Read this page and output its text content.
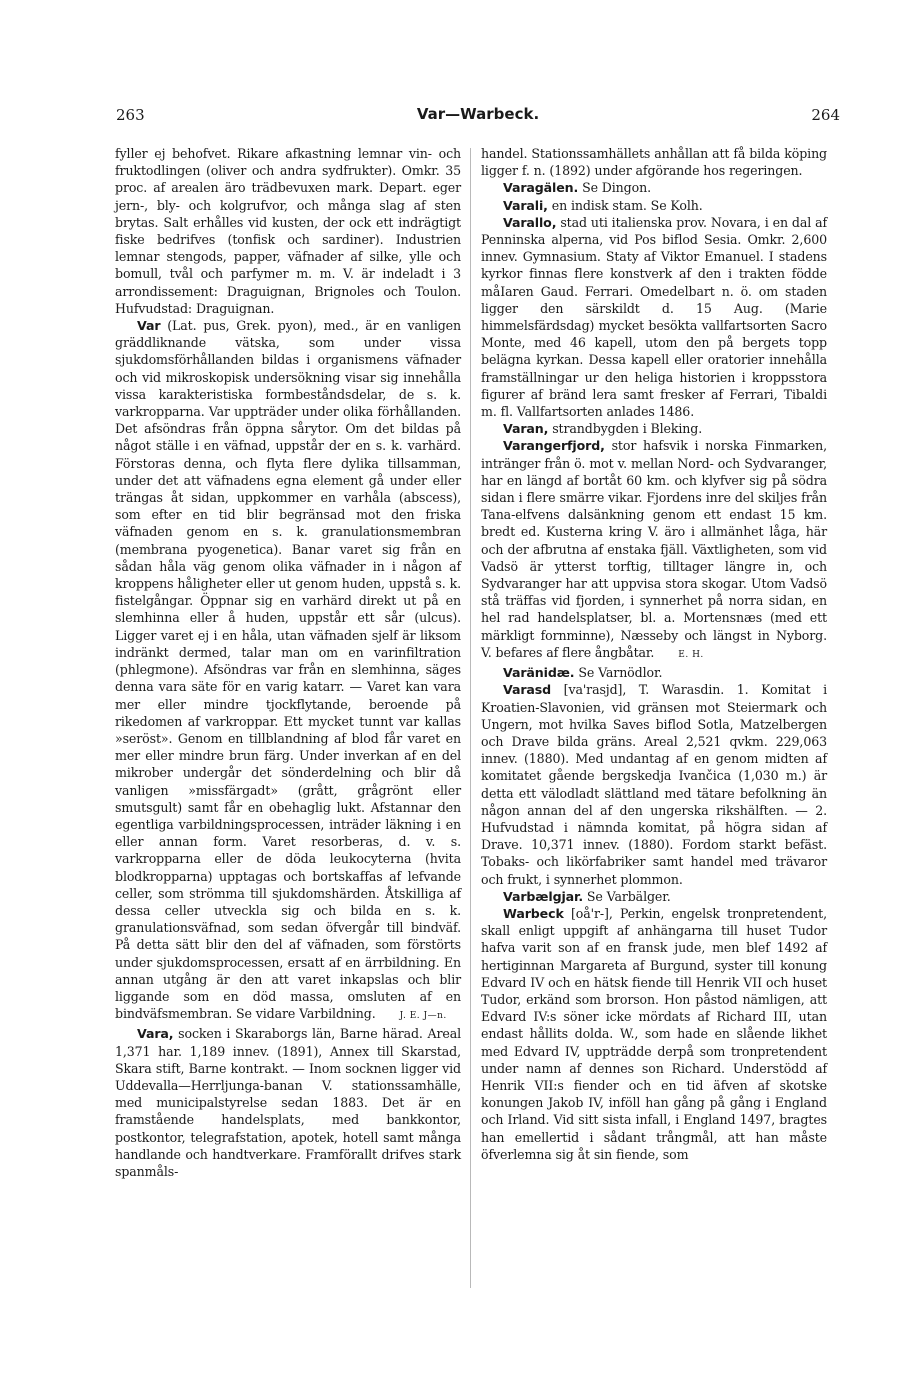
263	Var—Warbeck.	264

fyller ej behofvet. Rikare afkastning lemnar vin- och fruktodlingen (oliver och andra sydfrukter). Omkr. 35 proc. af arealen äro trädbevuxen mark. Depart. eger jern-, bly- och kolgrufvor, och många slag af sten brytas. Salt erhålles vid kusten, der ock ett indrägtigt fiske bedrifves (tonfisk och sardiner). Industrien lemnar stengods, papper, väfnader af silke, ylle och bomull, tvål och parfymer m. m. V. är indeladt i 3 arrondissement: Draguignan, Brignoles och Toulon. Hufvudstad: Draguignan.

Var (Lat. pus, Grek. pyon), med., är en vanligen gräddliknande vätska, som under vissa sjukdomsförhållanden bildas i organismens väfnader och vid mikroskopisk undersökning visar sig innehålla vissa karakteristiska formbeståndsdelar, de s. k. varkropparna. Var uppträder under olika förhållanden. Det afsöndras från öppna sårytor. Om det bildas på något ställe i en väfnad, uppstår der en s. k. varhärd. Förstoras denna, och flyta flere dylika tillsamman, under det att väfnadens egna element gå under eller trängas åt sidan, uppkommer en varhåla (abscess), som efter en tid blir begränsad mot den friska väfnaden genom en s. k. granulationsmembran (membrana pyogenetica). Banar varet sig från en sådan håla väg genom olika väfnader in i någon af kroppens håligheter eller ut genom huden, uppstå s. k. fistelgångar. Öppnar sig en varhärd direkt ut på en slemhinna eller å huden, uppstår ett sår (ulcus). Ligger varet ej i en håla, utan väfnaden sjelf är liksom indränkt dermed, talar man om en varinfiltration (phlegmone). Afsöndras var från en slemhinna, säges denna vara säte för en varig katarr. — Varet kan vara mer eller mindre tjockflytande, beroende på rikedomen af varkroppar. Ett mycket tunnt var kallas »seröst». Genom en tillblandning af blod får varet en mer eller mindre brun färg. Under inverkan af en del mikrober undergår det sönderdelning och blir då vanligen »missfärgadt» (grått, grågrönt eller smutsgult) samt får en obehaglig lukt. Afstannar den egentliga varbildningsprocessen, inträder läkning i en eller annan form. Varet resorberas, d. v. s. varkropparna eller de döda leukocyterna (hvita blodkropparna) upptagas och bortskaffas af lefvande celler, som strömma till sjukdomshärden. Åtskilliga af dessa celler utveckla sig och bilda en s. k. granulationsväfnad, som sedan öfvergår till bindväf. På detta sätt blir den del af väfnaden, som förstörts under sjukdomsprocessen, ersatt af en ärrbildning. En annan utgång är den att varet inkapslas och blir liggande som en död massa, omsluten af en bindväfsmembran. Se vidare Varbildning.	J. E. J—n.

Vara, socken i Skaraborgs län, Barne härad. Areal 1,371 har. 1,189 innev. (1891), Annex till Skarstad, Skara stift, Barne kontrakt. — Inom socknen ligger vid Uddevalla—Herrljunga-banan V. stationssamhälle, med municipalstyrelse sedan 1883. Det är en framstående handelsplats, med bankkontor, postkontor, telegrafstation, apotek, hotell samt många handlande och handtverkare. Framförallt drifves stark spanmåls-

handel. Stationssamhällets anhållan att få bilda köping ligger f. n. (1892) under afgörande hos regeringen.

Varagälen. Se Dingon.

Varali, en indisk stam. Se Kolh.

Varallo, stad uti italienska prov. Novara, i en dal af Penninska alperna, vid Pos biflod Sesia. Omkr. 2,600 innev. Gymnasium. Staty af Viktor Emanuel. I stadens kyrkor finnas flere konstverk af den i trakten födde måIaren Gaud. Ferrari. Omedelbart n. ö. om staden ligger den särskildt d. 15 Aug. (Marie himmelsfärdsdag) mycket besökta vallfartsorten Sacro Monte, med 46 kapell, utom den på bergets topp belägna kyrkan. Dessa kapell eller oratorier innehålla framställningar ur den heliga historien i kroppsstora figurer af bränd lera samt fresker af Ferrari, Tibaldi m. fl. Vallfartsorten anlades 1486.

Varan, strandbygden i Bleking.

Varangerfjord, stor hafsvik i norska Finmarken, intränger från ö. mot v. mellan Nord- och Sydvaranger, har en längd af bortåt 60 km. och klyfver sig på södra sidan i flere smärre vikar. Fjordens inre del skiljes från Tana-elfvens dalsänkning genom ett endast 15 km. bredt ed. Kusterna kring V. äro i allmänhet låga, här och der afbrutna af enstaka fjäll. Växtligheten, som vid Vadsö är ytterst torftig, tilltager längre in, och Sydvaranger har att uppvisa stora skogar. Utom Vadsö stå träffas vid fjorden, i synnerhet på norra sidan, en hel rad handelsplatser, bl. a. Mortensnæs (med ett märkligt fornminne), Næsseby och längst in Nyborg. V. befares af flere ångbåtar.	E. H.

Varänidæ. Se Varnödlor.

Varasd [va'rasjd], T. Warasdin. 1. Komitat i Kroatien-Slavonien, vid gränsen mot Steiermark och Ungern, mot hvilka Saves biflod Sotla, Matzelbergen och Drave bilda gräns. Areal 2,521 qvkm. 229,063 innev. (1880). Med undantag af en genom midten af komitatet gående bergskedja Ivančica (1,030 m.) är detta ett välodladt slättland med tätare befolkning än någon annan del af den ungerska rikshälften. — 2. Hufvudstad i nämnda komitat, på högra sidan af Drave. 10,371 innev. (1880). Fordom starkt befäst. Tobaks- och likörfabriker samt handel med trävaror och frukt, i synnerhet plommon.

Varbælgjar. Se Varbälger.

Warbeck [oå'r-], Perkin, engelsk tronpretendent, skall enligt uppgift af anhängarna till huset Tudor hafva varit son af en fransk jude, men blef 1492 af hertiginnan Margareta af Burgund, syster till konung Edvard IV och en hätsk fiende till Henrik VII och huset Tudor, erkänd som brorson. Hon påstod nämligen, att Edvard IV:s söner icke mördats af Richard III, utan endast hållits dolda. W., som hade en slående likhet med Edvard IV, uppträdde derpå som tronpretendent under namn af dennes son Richard. Understödd af Henrik VII:s fiender och en tid äfven af skotske konungen Jakob IV, inföll han gång på gång i England och Irland. Vid sitt sista infall, i England 1497, bragtes han emellertid i sådant trångmål, att han måste öfverlemna sig åt sin fiende, som
